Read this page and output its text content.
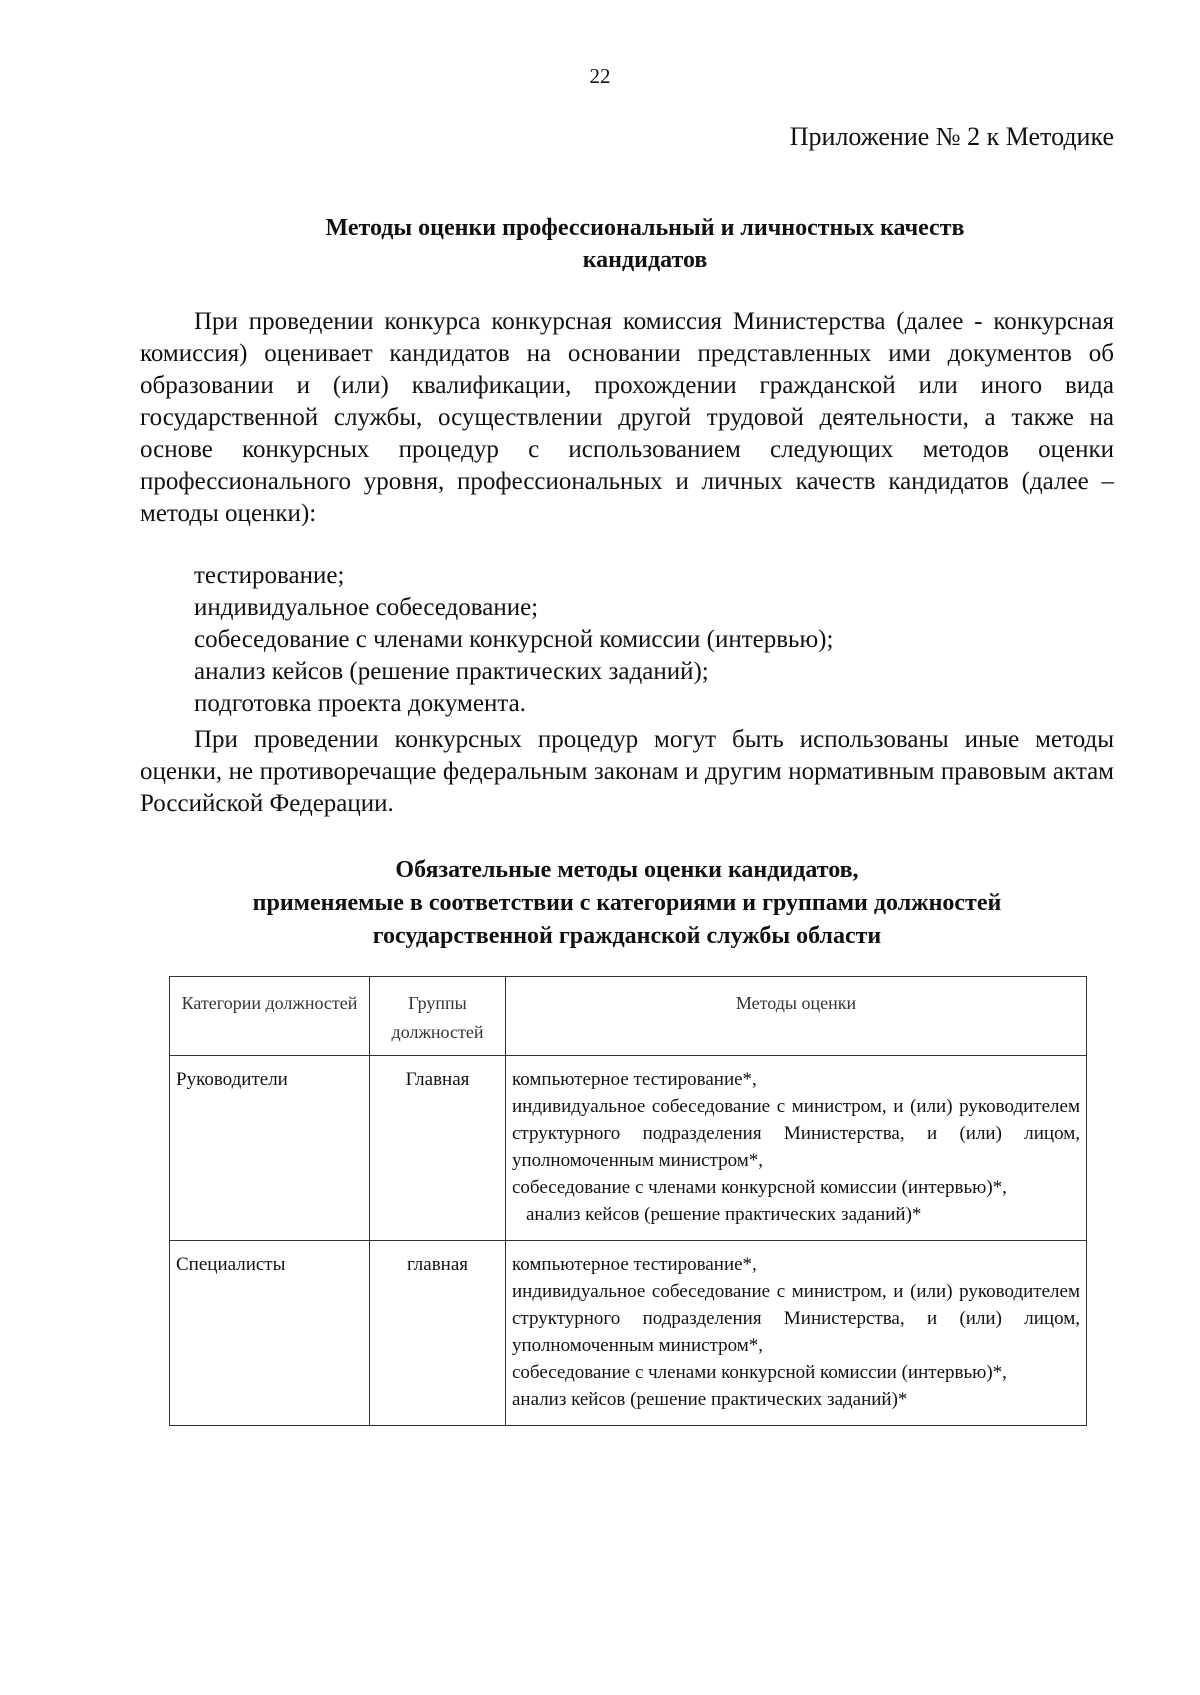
22
Приложение № 2 к Методике
Методы оценки профессиональный и личностных качеств
кандидатов

При проведении конкурса конкурсная комиссия Министерства (далее - конкурсная комиссия) оценивает кандидатов на основании представленных ими документов об образовании и (или) квалификации, прохождении гражданской или иного вида государственной службы, осуществлении другой трудовой деятельности, а также на основе конкурсных процедур с использованием следующих методов оценки профессионального уровня, профессиональных и личных качеств кандидатов (далее – методы оценки):

тестирование;
индивидуальное собеседование;
собеседование с членами конкурсной комиссии (интервью);
анализ кейсов (решение практических заданий);
подготовка проекта документа.

При проведении конкурсных процедур могут быть использованы иные методы оценки, не противоречащие федеральным законам и другим нормативным правовым актам Российской Федерации.

Обязательные методы оценки кандидатов,
применяемые в соответствии с категориями и группами должностей
государственной гражданской службы области
Категории должностей	Группы должностей	Методы оценки
Руководители	Главная	компьютерное тестирование*,
индивидуальное собеседование с министром, и (или) руководителем структурного подразделения Министерства, и (или) лицом, уполномоченным министром*,
собеседование с членами конкурсной комиссии (интервью)*,
анализ кейсов (решение практических заданий)*

Специалисты	главная	компьютерное тестирование*,
индивидуальное собеседование с министром, и (или) руководителем структурного подразделения Министерства, и (или) лицом, уполномоченным министром*,
собеседование с членами конкурсной комиссии (интервью)*,
анализ кейсов (решение практических заданий)*
